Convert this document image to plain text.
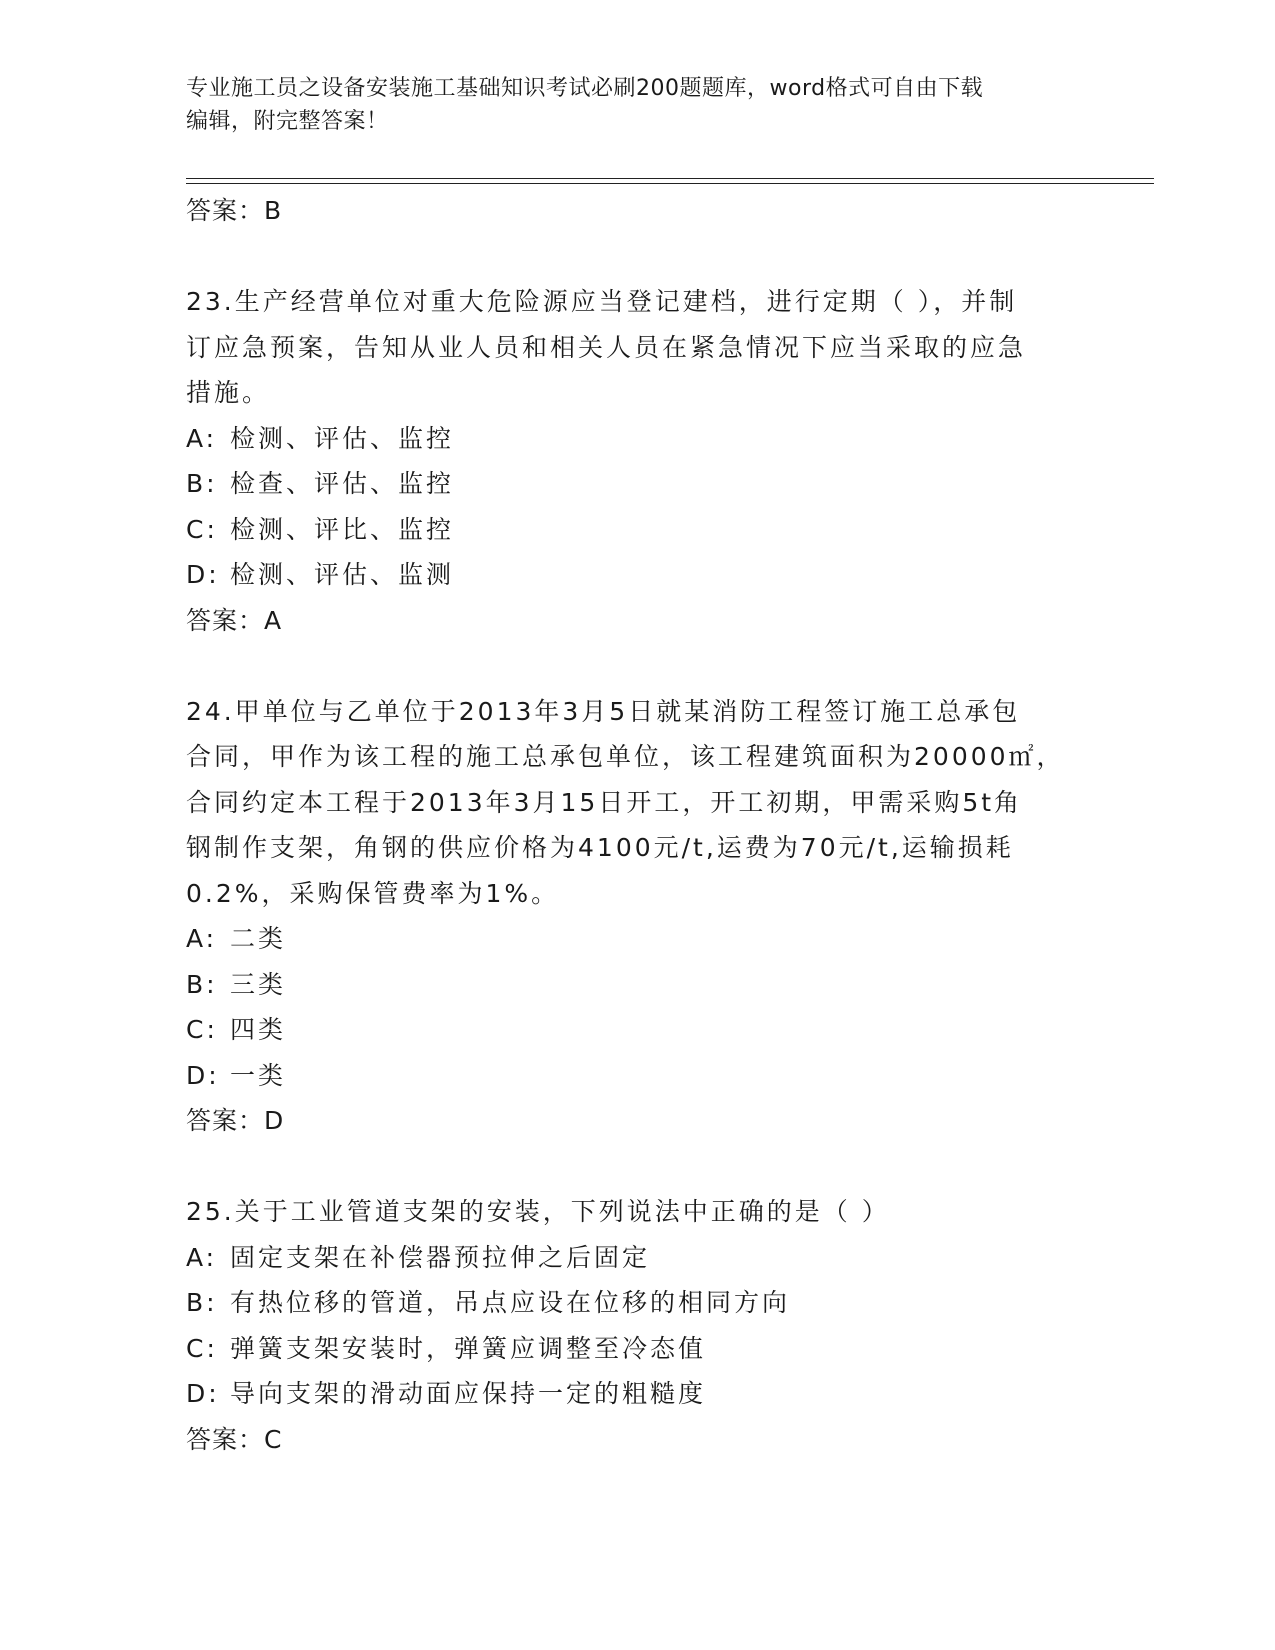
专业施工员之设备安装施工基础知识考试必刷200题题库，word格式可自由下载
编辑，附完整答案！
答案：B
23.生产经营单位对重大危险源应当登记建档，进行定期（ ），并制
订应急预案，告知从业人员和相关人员在紧急情况下应当采取的应急
措施。
A: 检测、评估、监控
B: 检查、评估、监控
C: 检测、评比、监控
D: 检测、评估、监测
答案：A
24.甲单位与乙单位于2013年3月5日就某消防工程签订施工总承包
合同，甲作为该工程的施工总承包单位，该工程建筑面积为20000㎡，
合同约定本工程于2013年3月15日开工，开工初期，甲需采购5t角
钢制作支架，角钢的供应价格为4100元/t,运费为70元/t,运输损耗
0.2%，采购保管费率为1%。
A: 二类
B: 三类
C: 四类
D: 一类
答案：D
25.关于工业管道支架的安装，下列说法中正确的是（ ）
A: 固定支架在补偿器预拉伸之后固定
B: 有热位移的管道，吊点应设在位移的相同方向
C: 弹簧支架安装时，弹簧应调整至冷态值
D: 导向支架的滑动面应保持一定的粗糙度
答案：C
